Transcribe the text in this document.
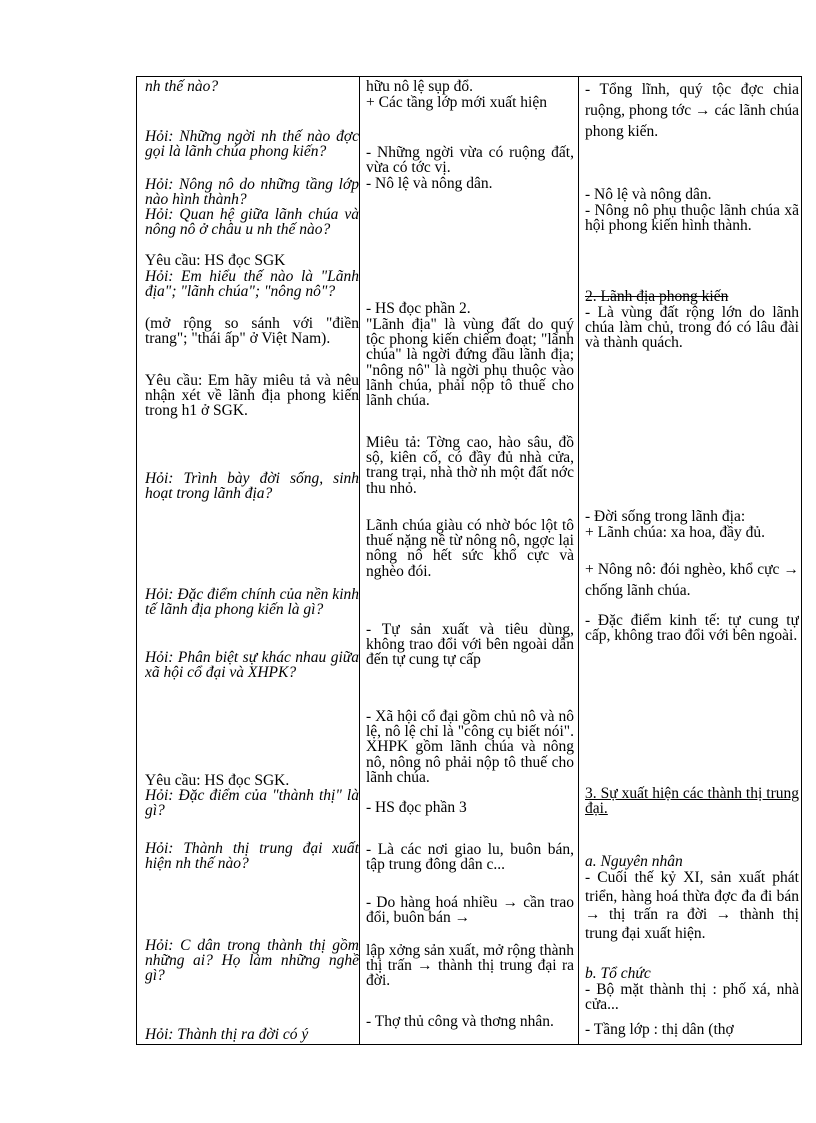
nh thế nào?
Hỏi: Những ngời nh thế nào đợc gọi là lãnh chúa phong kiến?
Hỏi: Nông nô do những tầng lớp nào hình thành?
Hỏi: Quan hệ giữa lãnh chúa và nông nô ở châu u nh thế nào?
Yêu cầu: HS đọc SGK
Hỏi: Em hiểu thế nào là "Lãnh địa"; "lãnh chúa"; "nông nô"?
(mở rộng so sánh với "điền trang"; "thái ấp" ở Việt Nam).
Yêu cầu: Em hãy miêu tả và nêu nhận xét về lãnh địa phong kiến trong h1 ở SGK.
Hỏi: Trình bày đời sống, sinh hoạt trong lãnh địa?
Hỏi: Đặc điểm chính của nền kinh tế lãnh địa phong kiến là gì?
Hỏi: Phân biệt sự khác nhau giữa xã hội cổ đại và XHPK?
Yêu cầu: HS đọc SGK.
Hỏi: Đặc điểm của "thành thị" là gì?
Hỏi: Thành thị trung đại xuất hiện nh thế nào?
Hỏi: C dân trong thành thị gồm những ai? Họ làm những nghề gì?
Hỏi: Thành thị ra đời có ý
hữu nô lệ sụp đổ.
+ Các tầng lớp mới xuất hiện
- Những ngời vừa có ruộng đất, vừa có tớc vị.
- Nô lệ và nông dân.
- HS đọc phần 2.
"Lãnh địa" là vùng đất do quý tộc phong kiến chiếm đoạt; "lãnh chúa" là ngời đứng đầu lãnh địa; "nông nô" là ngời phụ thuộc vào lãnh chúa, phải nộp tô thuế cho lãnh chúa.
Miêu tả: Tờng cao, hào sâu, đồ sộ, kiên cố, có đầy đủ nhà cửa, trang trại, nhà thờ nh một đất nớc thu nhỏ.
Lãnh chúa giàu có nhờ bóc lột tô thuế nặng nề từ nông nô, ngợc lại nông nô hết sức khổ cực và nghèo đói.
- Tự sản xuất và tiêu dùng, không trao đổi với bên ngoài dẫn đến tự cung tự cấp
- Xã hội cổ đại gồm chủ nô và nô lệ, nô lệ chỉ là "công cụ biết nói". XHPK gồm lãnh chúa và nông nô, nông nô phải nộp tô thuế cho lãnh chúa.
- HS đọc phần 3
- Là các nơi giao lu, buôn bán, tập trung đông dân c...
- Do hàng hoá nhiều → cần trao đổi, buôn bán →
lập xởng sản xuất, mở rộng thành thị trấn → thành thị trung đại ra đời.
- Thợ thủ công và thơng nhân.
- Tổng lĩnh, quý tộc đợc chia ruộng, phong tớc → các lãnh chúa phong kiến.
- Nô lệ và nông dân.
- Nông nô phụ thuộc lãnh chúa xã hội phong kiến hình thành.
2. Lãnh địa phong kiến
- Là vùng đất rộng lớn do lãnh chúa làm chủ, trong đó có lâu đài và thành quách.
- Đời sống trong lãnh địa:
+ Lãnh chúa: xa hoa, đầy đủ.
+ Nông nô: đói nghèo, khổ cực → chống lãnh chúa.
- Đặc điểm kinh tế: tự cung tự cấp, không trao đổi với bên ngoài.
3. Sự xuất hiện các thành thị trung đại.
a. Nguyên nhân
- Cuối thế kỷ XI, sản xuất phát triển, hàng hoá thừa đợc đa đi bán → thị trấn ra đời → thành thị trung đại xuất hiện.
b. Tổ chức
- Bộ mặt thành thị : phố xá, nhà cửa...
- Tầng lớp : thị dân (thợ
